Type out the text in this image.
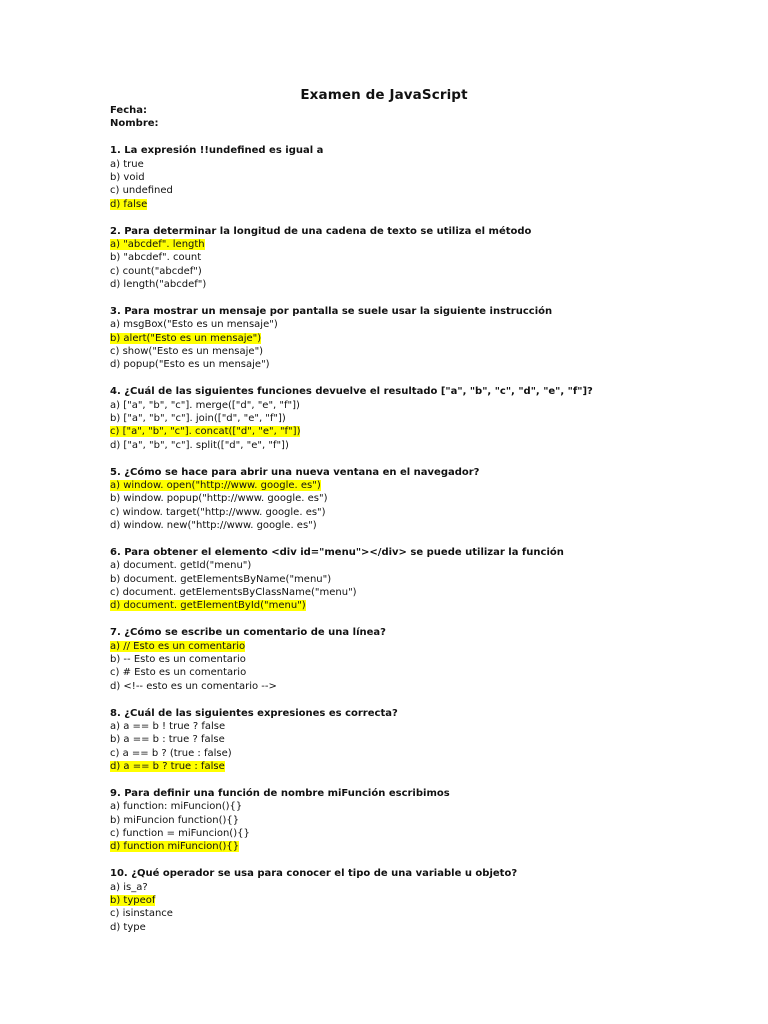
Examen de JavaScript
Fecha:
Nombre:
1. La expresión !!undefined es igual a
a) true
b) void
c) undefined
d) false
2. Para determinar la longitud de una cadena de texto se utiliza el método
a) "abcdef". length
b) "abcdef". count
c) count("abcdef")
d) length("abcdef")
3. Para mostrar un mensaje por pantalla se suele usar la siguiente instrucción
a) msgBox("Esto es un mensaje")
b) alert("Esto es un mensaje")
c) show("Esto es un mensaje")
d) popup("Esto es un mensaje")
4. ¿Cuál de las siguientes funciones devuelve el resultado ["a", "b", "c", "d", "e", "f"]?
a) ["a", "b", "c"]. merge(["d", "e", "f"])
b) ["a", "b", "c"]. join(["d", "e", "f"])
c) ["a", "b", "c"]. concat(["d", "e", "f"])
d) ["a", "b", "c"]. split(["d", "e", "f"])
5. ¿Cómo se hace para abrir una nueva ventana en el navegador?
a) window. open("http://www. google. es")
b) window. popup("http://www. google. es")
c) window. target("http://www. google. es")
d) window. new("http://www. google. es")
6. Para obtener el elemento <div id="menu"></div> se puede utilizar la función
a) document. getId("menu")
b) document. getElementsByName("menu")
c) document. getElementsByClassName("menu")
d) document. getElementById("menu")
7. ¿Cómo se escribe un comentario de una línea?
a) // Esto es un comentario
b) -- Esto es un comentario
c) # Esto es un comentario
d) <!-- esto es un comentario -->
8. ¿Cuál de las siguientes expresiones es correcta?
a) a == b ! true ? false
b) a == b : true ? false
c) a == b ? (true : false)
d) a == b ? true : false
9. Para definir una función de nombre miFunción escribimos
a) function: miFuncion(){}
b) miFuncion function(){}
c) function = miFuncion(){}
d) function miFuncion(){}
10. ¿Qué operador se usa para conocer el tipo de una variable u objeto?
a) is_a?
b) typeof
c) isinstance
d) type
